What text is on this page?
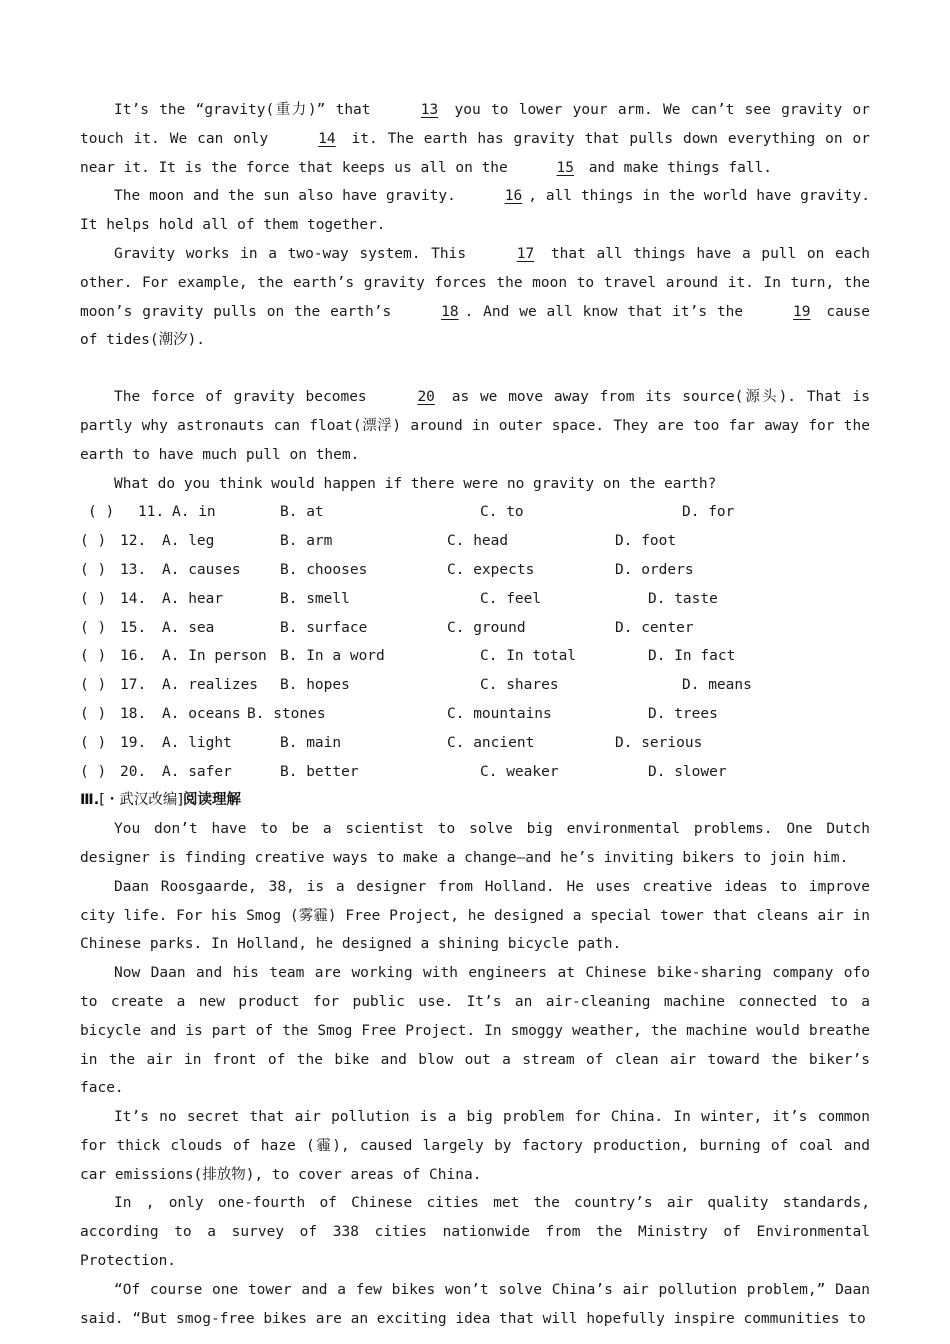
It’s the “gravity(重力)” that	13 you to lower your arm. We can’t see gravity or touch it. We can only	14 it. The earth has gravity that pulls down everything on or near it. It is the force that keeps us all on the	15 and make things fall.

The moon and the sun also have gravity.	16 , all things in the world have gravity. It helps hold all of them together.

Gravity works in a two-way system. This	17 that all things have a pull on each other. For example, the earth’s gravity forces the moon to travel around it. In turn, the moon’s gravity pulls on the earth’s	18 . And we all know that it’s the	19 cause of tides(潮汐).

The force of gravity becomes	20 as we move away from its source(源头). That is partly why astronauts can float(漂浮) around in outer space. They are too far away for the earth to have much pull on them.

What do you think would happen if there were no gravity on the earth?

( ) 11. A. in	B. at	C. to	D. for
( ) 12. A. leg	B. arm	C. head	D. foot
( ) 13. A. causes	B. chooses	C. expects	D. orders
( ) 14. A. hear	B. smell	C. feel	D. taste
( ) 15. A. sea	B. surface	C. ground	D. center
( ) 16. A. In person B. In a word	C. In total	D. In fact
( ) 17. A. realizes B. hopes	C. shares	D. means
( ) 18. A. oceans B. stones	C. mountains	D. trees
( ) 19. A. light	B. main	C. ancient	D. serious
( ) 20. A. safer	B. better	C. weaker	D. slower

Ⅲ.[・武汉改编]阅读理解

You don’t have to be a scientist to solve big environmental problems. One Dutch designer is finding creative ways to make a change—and he’s inviting bikers to join him.

Daan Roosgaarde, 38, is a designer from Holland. He uses creative ideas to improve city life. For his Smog (雾霾) Free Project, he designed a special tower that cleans air in Chinese parks. In Holland, he designed a shining bicycle path.

Now Daan and his team are working with engineers at Chinese bike-sharing company ofo to create a new product for public use. It’s an air-cleaning machine connected to a bicycle and is part of the Smog Free Project. In smoggy weather, the machine would breathe in the air in front of the bike and blow out a stream of clean air toward the biker’s face.

It’s no secret that air pollution is a big problem for China. In winter, it’s common for thick clouds of haze (霾), caused largely by factory production, burning of coal and car emissions(排放物), to cover areas of China.

In , only one-fourth of Chinese cities met the country’s air quality standards, according to a survey of 338 cities nationwide from the Ministry of Environmental Protection.

“Of course one tower and a few bikes won’t solve China’s air pollution problem,” Daan said. “But smog-free bikes are an exciting idea that will hopefully inspire communities to
